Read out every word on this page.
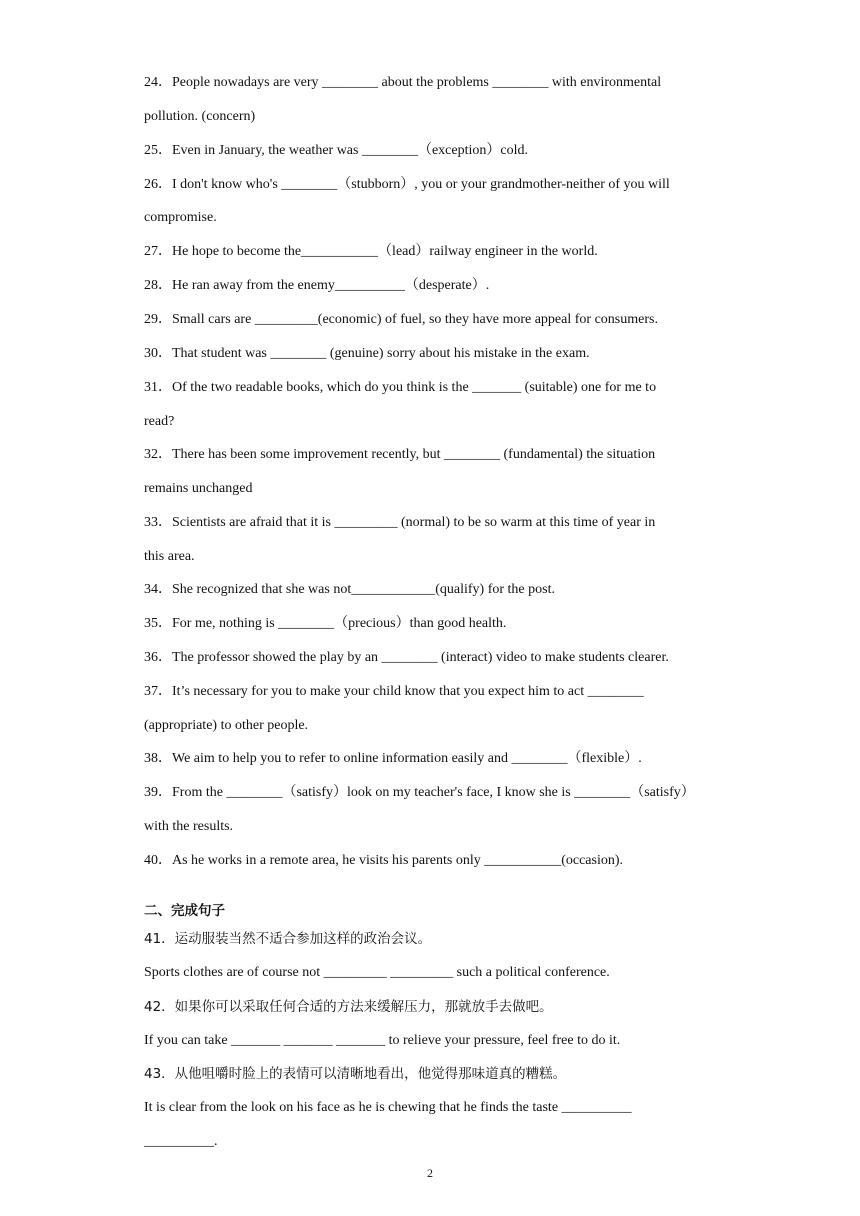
24．People nowadays are very ________ about the problems ________ with environmental
pollution. (concern)
25．Even in January, the weather was ________（exception）cold.
26．I don't know who's ________（stubborn）, you or your grandmother-neither of you will
compromise.
27．He hope to become the___________（lead）railway engineer in the world.
28．He ran away from the enemy__________（desperate）.
29．Small cars are _________(economic) of fuel, so they have more appeal for consumers.
30．That student was ________ (genuine) sorry about his mistake in the exam.
31．Of the two readable books, which do you think is the _______ (suitable) one for me to
read?
32．There has been some improvement recently, but ________ (fundamental) the situation
remains unchanged
33．Scientists are afraid that it is _________ (normal) to be so warm at this time of year in
this area.
34．She recognized that she was not____________(qualify) for the post.
35．For me, nothing is ________（precious）than good health.
36．The professor showed the play by an ________ (interact) video to make students clearer.
37．It’s necessary for you to make your child know that you expect him to act ________
(appropriate) to other people.
38．We aim to help you to refer to online information easily and ________（flexible）.
39．From the ________（satisfy）look on my teacher's face, I know she is ________（satisfy）
with the results.
40．As he works in a remote area, he visits his parents only ___________(occasion).
二、完成句子
41．运动服装当然不适合参加这样的政治会议。
Sports clothes are of course not _________ _________ such a political conference.
42．如果你可以采取任何合适的方法来缓解压力，那就放手去做吧。
If you can take _______ _______ _______ to relieve your pressure, feel free to do it.
43．从他咀嚼时脸上的表情可以清晰地看出，他觉得那味道真的糟糕。
It is clear from the look on his face as he is chewing that he finds the taste __________
__________.
2
